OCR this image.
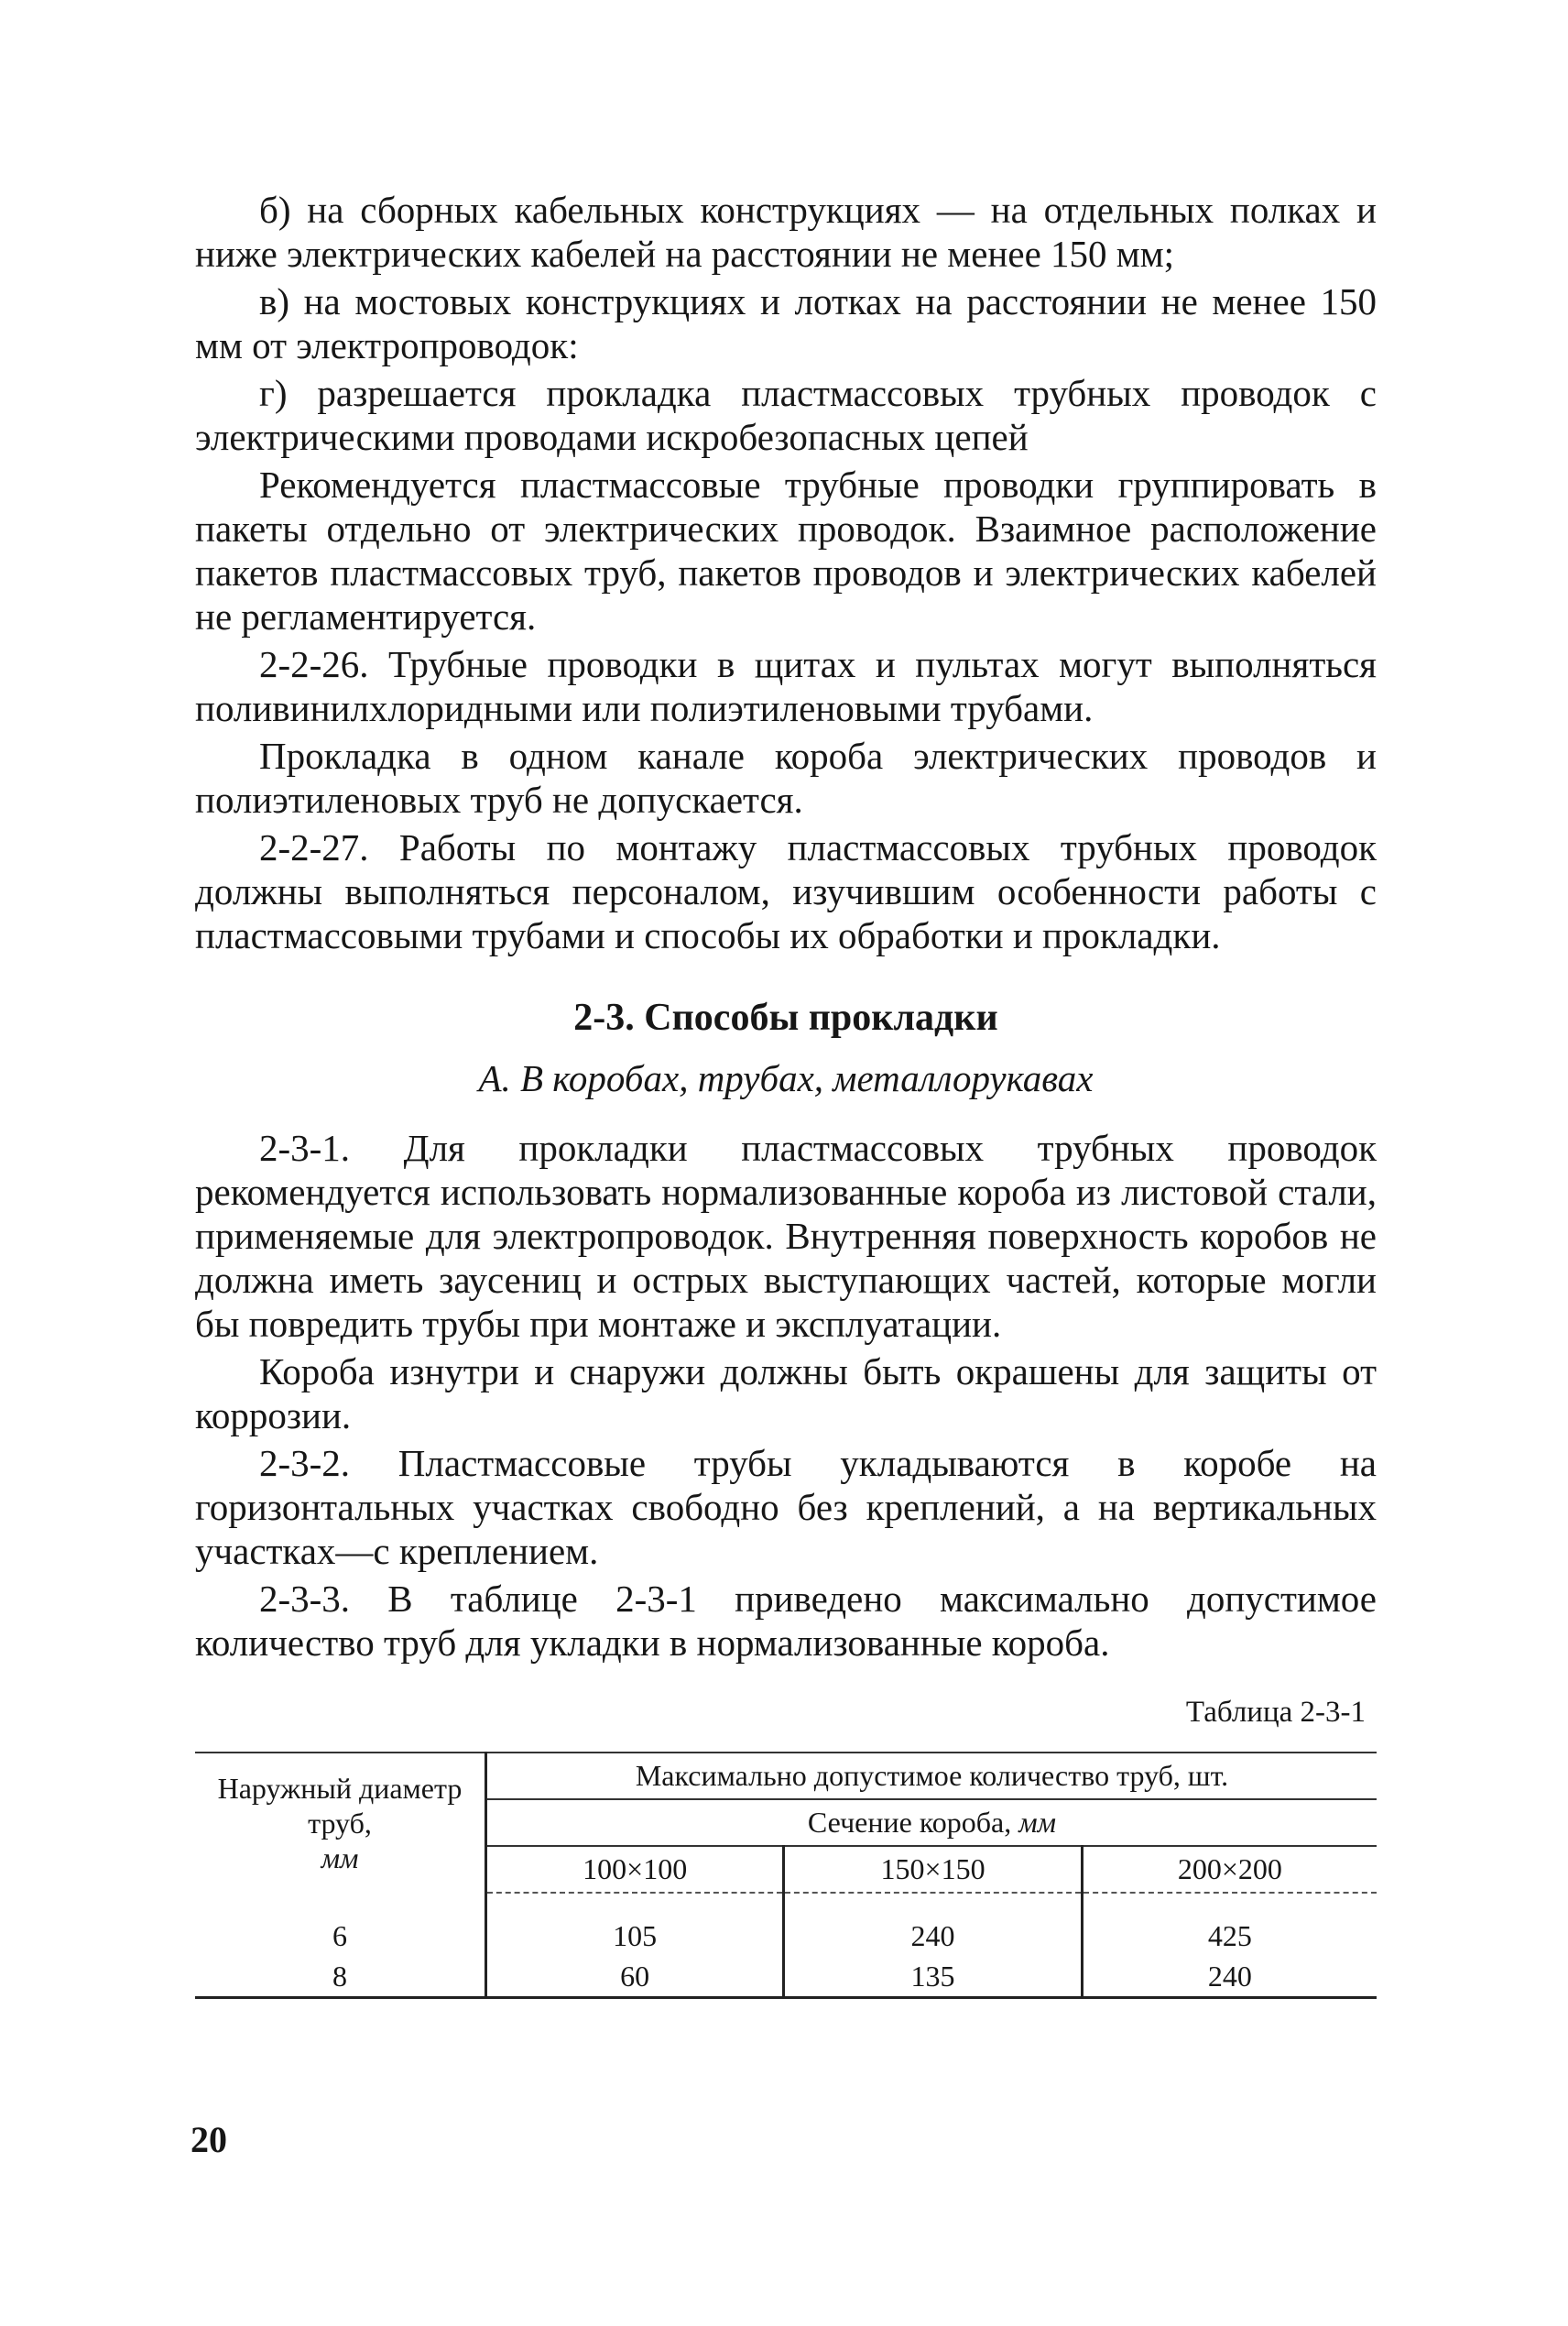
б) на сборных кабельных конструкциях — на отдельных полках и ниже электрических кабелей на расстоянии не менее 150 мм;

в) на мостовых конструкциях и лотках на расстоянии не менее 150 мм от электропроводок:

г) разрешается прокладка пластмассовых трубных проводок с электрическими проводами искробезопасных цепей

Рекомендуется пластмассовые трубные проводки группировать в пакеты отдельно от электрических проводок. Взаимное расположение пакетов пластмассовых труб, пакетов проводов и электрических кабелей не регламентируется.

2-2-26. Трубные проводки в щитах и пультах могут выполняться поливинилхлоридными или полиэтиленовыми трубами.

Прокладка в одном канале короба электрических проводов и полиэтиленовых труб не допускается.

2-2-27. Работы по монтажу пластмассовых трубных проводок должны выполняться персоналом, изучившим особенности работы с пластмассовыми трубами и способы их обработки и прокладки.

2-3. Способы прокладки

А. В коробах, трубах, металлорукавах

2-3-1. Для прокладки пластмассовых трубных проводок рекомендуется использовать нормализованные короба из листовой стали, применяемые для электропроводок. Внутренняя поверхность коробов не должна иметь заусениц и острых выступающих частей, которые могли бы повредить трубы при монтаже и эксплуатации.

Короба изнутри и снаружи должны быть окрашены для защиты от коррозии.

2-3-2. Пластмассовые трубы укладываются в коробе на горизонтальных участках свободно без креплений, а на вертикальных участках—с креплением.

2-3-3. В таблице 2-3-1 приведено максимально допустимое количество труб для укладки в нормализованные короба.

Таблица 2-3-1
Наружный диаметр труб,
мм	Максимально допустимое количество труб, шт.		
	Сечение короба, мм		
	100×100	150×150	200×200
6	105	240	425
8	60	135	240
20
